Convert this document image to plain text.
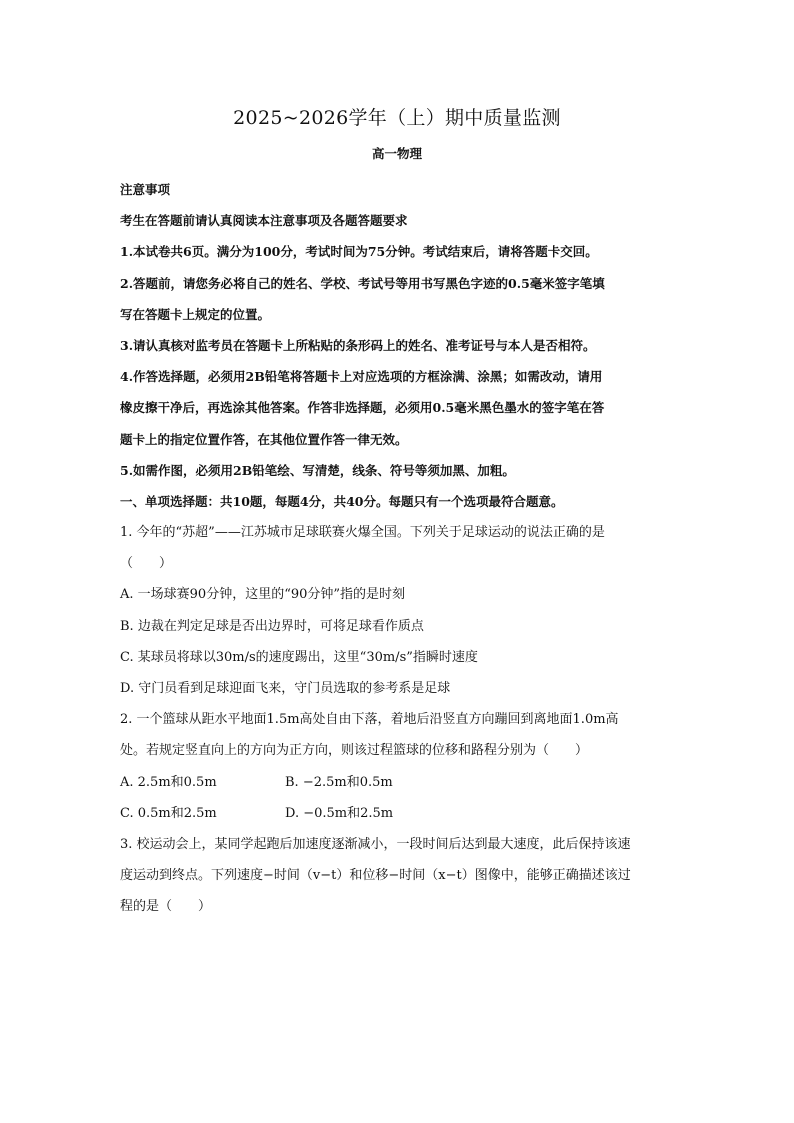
2025~2026学年（上）期中质量监测
高一物理
注意事项
考生在答题前请认真阅读本注意事项及各题答题要求
1.本试卷共6页。满分为100分，考试时间为75分钟。考试结束后，请将答题卡交回。
2.答题前，请您务必将自己的姓名、学校、考试号等用书写黑色字迹的0.5毫米签字笔填
写在答题卡上规定的位置。
3.请认真核对监考员在答题卡上所粘贴的条形码上的姓名、准考证号与本人是否相符。
4.作答选择题，必须用2B铅笔将答题卡上对应选项的方框涂满、涂黑；如需改动，请用
橡皮擦干净后，再选涂其他答案。作答非选择题，必须用0.5毫米黑色墨水的签字笔在答
题卡上的指定位置作答，在其他位置作答一律无效。
5.如需作图，必须用2B铅笔绘、写清楚，线条、符号等须加黑、加粗。
一、单项选择题：共10题，每题4分，共40分。每题只有一个选项最符合题意。
1. 今年的“苏超”——江苏城市足球联赛火爆全国。下列关于足球运动的说法正确的是
（　　）
A. 一场球赛90分钟，这里的“90分钟”指的是时刻
B. 边裁在判定足球是否出边界时，可将足球看作质点
C. 某球员将球以30m/s的速度踢出，这里“30m/s”指瞬时速度
D. 守门员看到足球迎面飞来，守门员选取的参考系是足球
2. 一个篮球从距水平地面1.5m高处自由下落，着地后沿竖直方向蹦回到离地面1.0m高
处。若规定竖直向上的方向为正方向，则该过程篮球的位移和路程分别为（　　）
A. 2.5m和0.5m	B. −2.5m和0.5m
C. 0.5m和2.5m	D. −0.5m和2.5m
3. 校运动会上，某同学起跑后加速度逐渐减小，一段时间后达到最大速度，此后保持该速
度运动到终点。下列速度−时间（v−t）和位移−时间（x−t）图像中，能够正确描述该过
程的是（　　）
